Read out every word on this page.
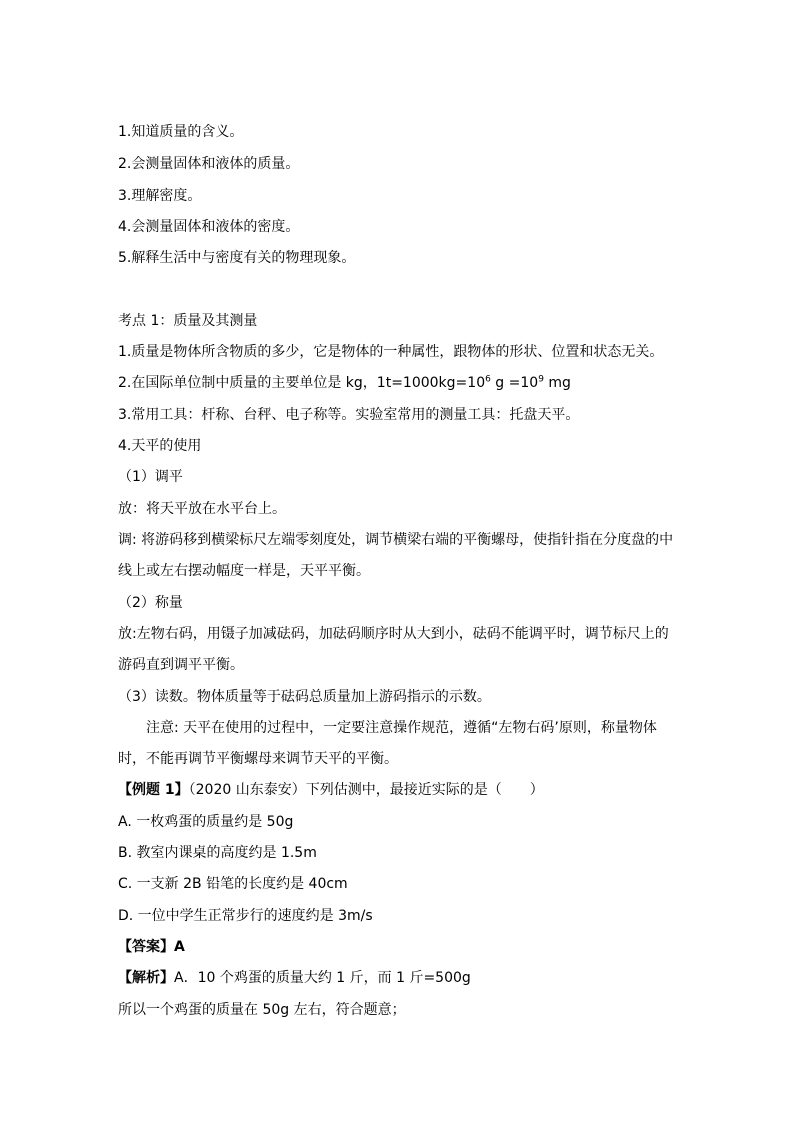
1.知道质量的含义。
2.会测量固体和液体的质量。
3.理解密度。
4.会测量固体和液体的密度。
5.解释生活中与密度有关的物理现象。
考点 1：质量及其测量
1.质量是物体所含物质的多少，它是物体的一种属性，跟物体的形状、位置和状态无关。
2.在国际单位制中质量的主要单位是 kg，$1t=1000kg=10^6$ $g =10^9$ mg
3.常用工具：杆称、台秤、电子称等。实验室常用的测量工具：托盘天平。
4.天平的使用
（1）调平
放：将天平放在水平台上。
调: 将游码移到横梁标尺左端零刻度处，调节横梁右端的平衡螺母，使指针指在分度盘的中
线上或左右摆动幅度一样是，天平平衡。
（2）称量
放:左物右码，用镊子加减砝码，加砝码顺序时从大到小，砝码不能调平时，调节标尺上的
游码直到调平平衡。
（3）读数。物体质量等于砝码总质量加上游码指示的示数。
注意: 天平在使用的过程中，一定要注意操作规范，遵循“左物右码’原则，称量物体
时，不能再调节平衡螺母来调节天平的平衡。
【例题 1】（2020 山东泰安）下列估测中，最接近实际的是（　　）
A. 一枚鸡蛋的质量约是 50g
B. 教室内课桌的高度约是 1.5m
C. 一支新 2B 铅笔的长度约是 40cm
D. 一位中学生正常步行的速度约是 3m/s
【答案】A
【解析】A．10 个鸡蛋的质量大约 1 斤，而 1 斤=500g
所以一个鸡蛋的质量在 50g 左右，符合题意；
